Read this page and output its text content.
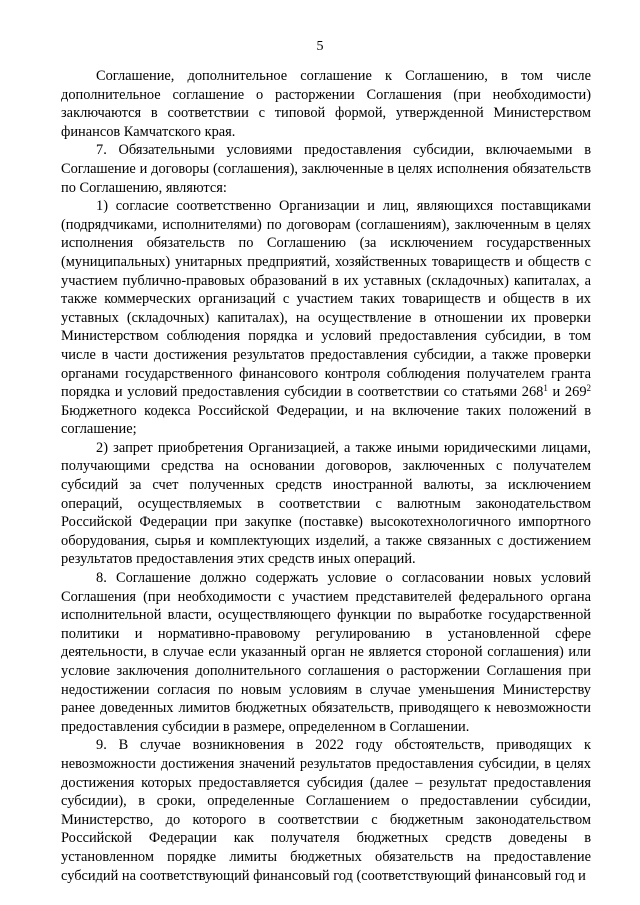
5

Соглашение, дополнительное соглашение к Соглашению, в том числе дополнительное соглашение о расторжении Соглашения (при необходимости) заключаются в соответствии с типовой формой, утвержденной Министерством финансов Камчатского края.

7. Обязательными условиями предоставления субсидии, включаемыми в Соглашение и договоры (соглашения), заключенные в целях исполнения обязательств по Соглашению, являются:

1) согласие соответственно Организации и лиц, являющихся поставщиками (подрядчиками, исполнителями) по договорам (соглашениям), заключенным в целях исполнения обязательств по Соглашению (за исключением государственных (муниципальных) унитарных предприятий, хозяйственных товариществ и обществ с участием публично-правовых образований в их уставных (складочных) капиталах, а также коммерческих организаций с участием таких товариществ и обществ в их уставных (складочных) капиталах), на осуществление в отношении их проверки Министерством соблюдения порядка и условий предоставления субсидии, в том числе в части достижения результатов предоставления субсидии, а также проверки органами государственного финансового контроля соблюдения получателем гранта порядка и условий предоставления субсидии в соответствии со статьями $268^1$ и $269^2$ Бюджетного кодекса Российской Федерации, и на включение таких положений в соглашение;

2) запрет приобретения Организацией, а также иными юридическими лицами, получающими средства на основании договоров, заключенных с получателем субсидий за счет полученных средств иностранной валюты, за исключением операций, осуществляемых в соответствии с валютным законодательством Российской Федерации при закупке (поставке) высокотехнологичного импортного оборудования, сырья и комплектующих изделий, а также связанных с достижением результатов предоставления этих средств иных операций.

8. Соглашение должно содержать условие о согласовании новых условий Соглашения (при необходимости с участием представителей федерального органа исполнительной власти, осуществляющего функции по выработке государственной политики и нормативно-правовому регулированию в установленной сфере деятельности, в случае если указанный орган не является стороной соглашения) или условие заключения дополнительного соглашения о расторжении Соглашения при недостижении согласия по новым условиям в случае уменьшения Министерству ранее доведенных лимитов бюджетных обязательств, приводящего к невозможности предоставления субсидии в размере, определенном в Соглашении.

9. В случае возникновения в 2022 году обстоятельств, приводящих к невозможности достижения значений результатов предоставления субсидии, в целях достижения которых предоставляется субсидия (далее – результат предоставления субсидии), в сроки, определенные Соглашением о предоставлении субсидии, Министерство, до которого в соответствии с бюджетным законодательством Российской Федерации как получателя бюджетных средств доведены в установленном порядке лимиты бюджетных обязательств на предоставление субсидий на соответствующий финансовый год (соответствующий финансовый год и
